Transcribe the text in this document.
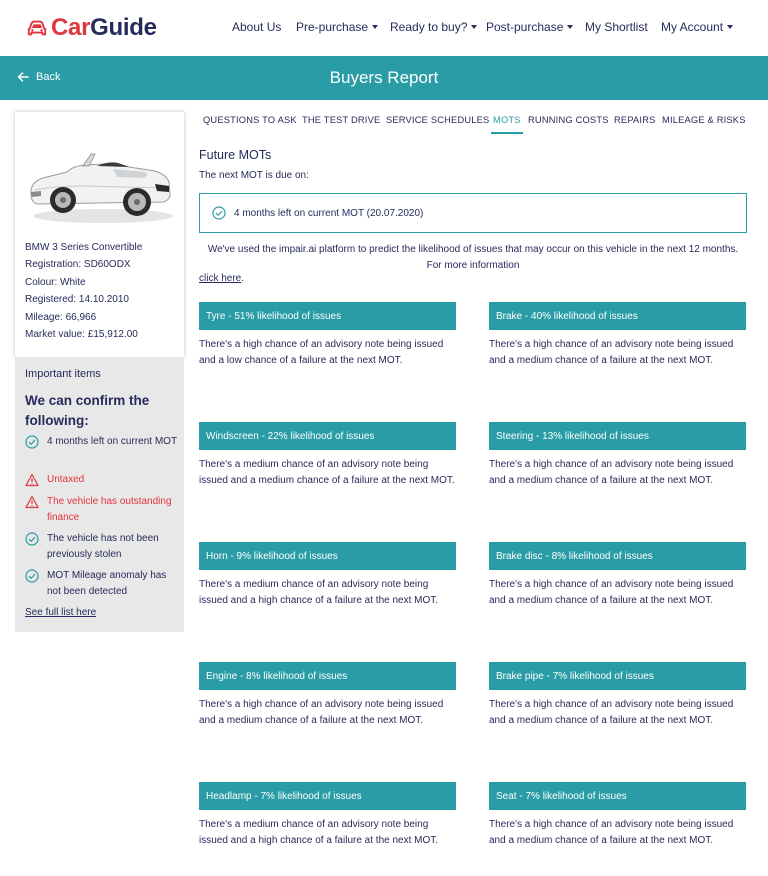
CarGuide	About Us Pre-purchase Ready to buy? Post-purchase My Shortlist My Account
Back	Buyers Report
BMW 3 Series Convertible
Registration: SD60ODX
Colour: White
Registered: 14.10.2010
Mileage: 66,966
Market value: £15,912.00
Important items
We can confirm the following:
4 months left on current MOT
Untaxed
The vehicle has outstanding finance
The vehicle has not been previously stolen
MOT Mileage anomaly has not been detected
See full list here
QUESTIONS TO ASK THE TEST DRIVE SERVICE SCHEDULES MOTS RUNNING COSTS REPAIRS MILEAGE & RISKS
Future MOTs
The next MOT is due on:
4 months left on current MOT (20.07.2020)
We've used the impair.ai platform to predict the likelihood of issues that may occur on this vehicle in the next 12 months. For more information
click here.
Tyre - 51% likelihood of issues
There's a high chance of an advisory note being issued and a low chance of a failure at the next MOT.
Brake - 40% likelihood of issues
There's a high chance of an advisory note being issued and a medium chance of a failure at the next MOT.
Windscreen - 22% likelihood of issues
There's a medium chance of an advisory note being issued and a medium chance of a failure at the next MOT.
Steering - 13% likelihood of issues
There's a high chance of an advisory note being issued and a medium chance of a failure at the next MOT.
Horn - 9% likelihood of issues
There's a medium chance of an advisory note being issued and a high chance of a failure at the next MOT.
Brake disc - 8% likelihood of issues
There's a high chance of an advisory note being issued and a medium chance of a failure at the next MOT.
Engine - 8% likelihood of issues
There's a high chance of an advisory note being issued and a medium chance of a failure at the next MOT.
Brake pipe - 7% likelihood of issues
There's a high chance of an advisory note being issued and a medium chance of a failure at the next MOT.
Headlamp - 7% likelihood of issues
There's a medium chance of an advisory note being issued and a high chance of a failure at the next MOT.
Seat - 7% likelihood of issues
There's a high chance of an advisory note being issued and a medium chance of a failure at the next MOT.
